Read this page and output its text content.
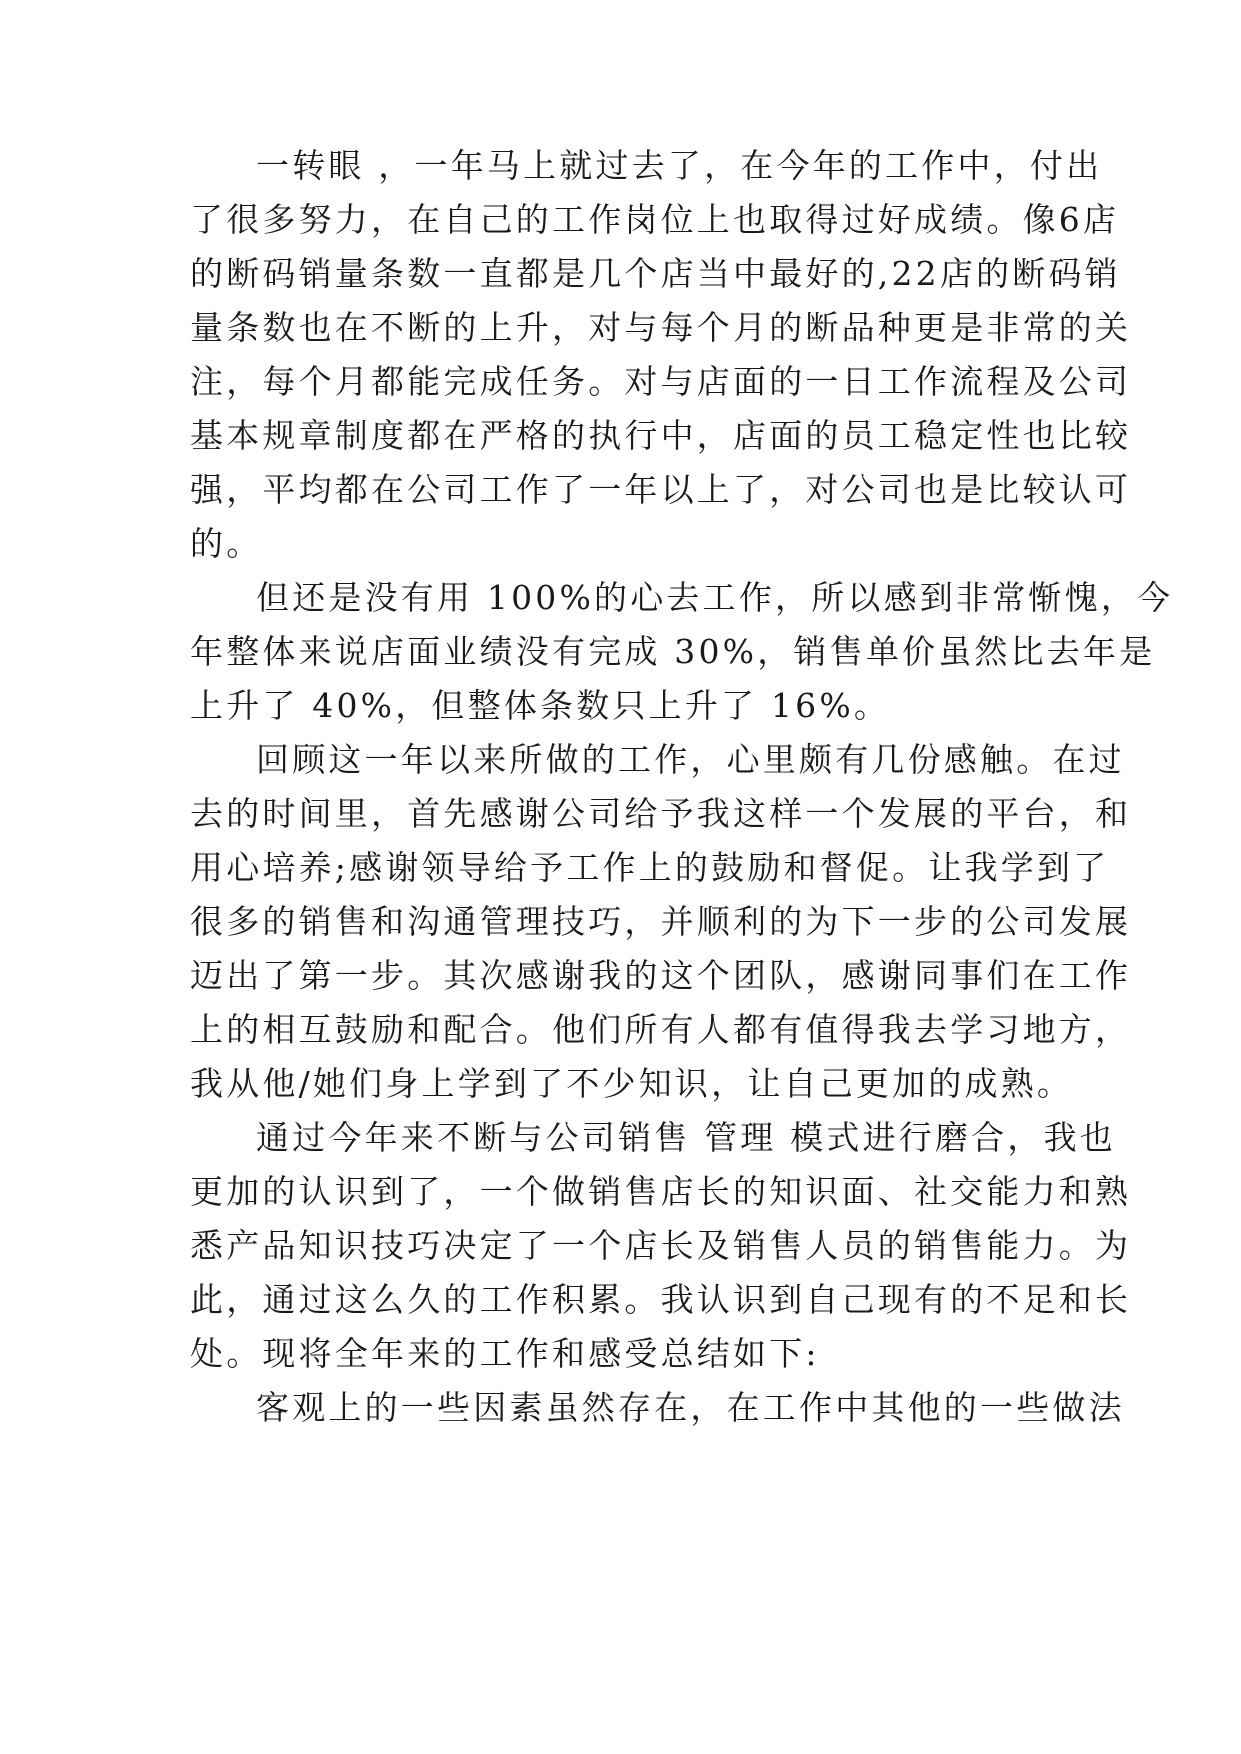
一转眼 ，一年马上就过去了，在今年的工作中，付出
了很多努力，在自己的工作岗位上也取得过好成绩。像6店
的断码销量条数一直都是几个店当中最好的,22店的断码销
量条数也在不断的上升，对与每个月的断品种更是非常的关
注，每个月都能完成任务。对与店面的一日工作流程及公司
基本规章制度都在严格的执行中，店面的员工稳定性也比较
强，平均都在公司工作了一年以上了，对公司也是比较认可
的。
但还是没有用 100%的心去工作，所以感到非常惭愧，今
年整体来说店面业绩没有完成 30%，销售单价虽然比去年是
上升了 40%，但整体条数只上升了 16%。
回顾这一年以来所做的工作，心里颇有几份感触。在过
去的时间里，首先感谢公司给予我这样一个发展的平台，和
用心培养;感谢领导给予工作上的鼓励和督促。让我学到了
很多的销售和沟通管理技巧，并顺利的为下一步的公司发展
迈出了第一步。其次感谢我的这个团队，感谢同事们在工作
上的相互鼓励和配合。他们所有人都有值得我去学习地方，
我从他/她们身上学到了不少知识，让自己更加的成熟。
通过今年来不断与公司销售 管理 模式进行磨合，我也
更加的认识到了，一个做销售店长的知识面、社交能力和熟
悉产品知识技巧决定了一个店长及销售人员的销售能力。为
此，通过这么久的工作积累。我认识到自己现有的不足和长
处。现将全年来的工作和感受总结如下:
客观上的一些因素虽然存在，在工作中其他的一些做法
